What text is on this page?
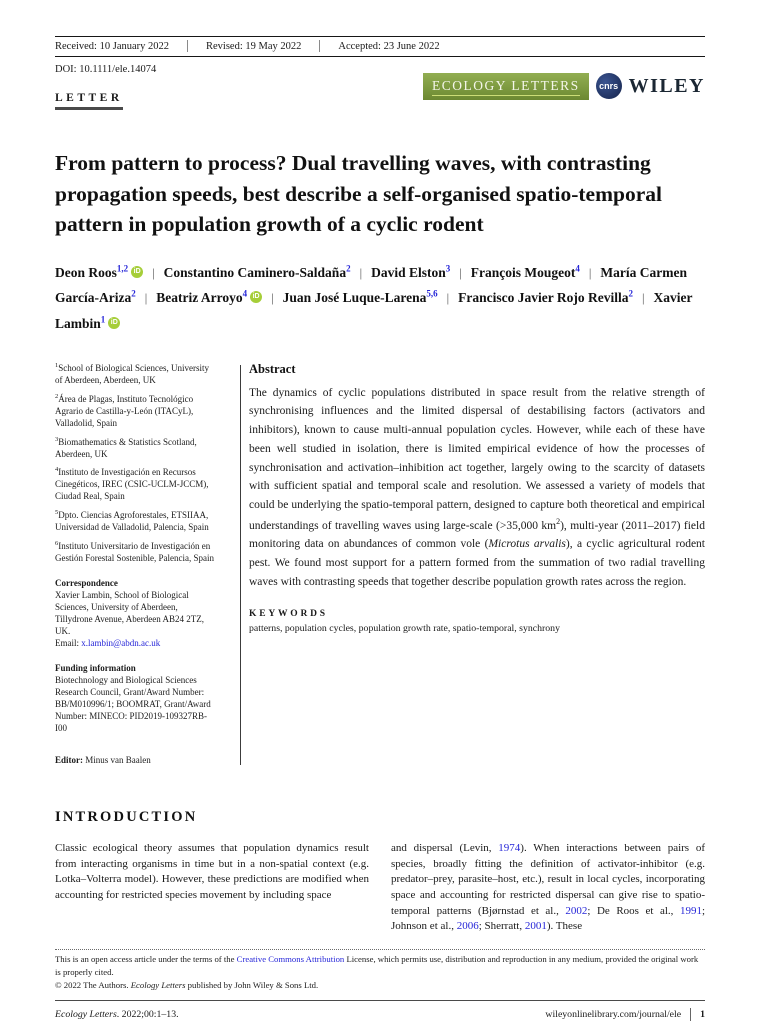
Received: 10 January 2022	Revised: 19 May 2022	Accepted: 23 June 2022
DOI: 10.1111/ele.14074
LETTER
ECOLOGY LETTERS	cnrs WILEY
From pattern to process? Dual travelling waves, with contrasting propagation speeds, best describe a self-organised spatio-temporal pattern in population growth of a cyclic rodent
Deon Roos$^{1,2}$ iD | Constantino Caminero-Saldaña$^2$ | David Elston$^3$ | François Mougeot$^4$ | María Carmen García-Ariza$^2$ | Beatriz Arroyo$^4$ iD | Juan José Luque-Larena$^{5,6}$ | Francisco Javier Rojo Revilla$^2$ | Xavier Lambin$^1$ iD
$^1$School of Biological Sciences, University of Aberdeen, Aberdeen, UK
$^2$Área de Plagas, Instituto Tecnológico Agrario de Castilla-y-León (ITACyL), Valladolid, Spain
$^3$Biomathematics & Statistics Scotland, Aberdeen, UK
$^4$Instituto de Investigación en Recursos Cinegéticos, IREC (CSIC-UCLM-JCCM), Ciudad Real, Spain
$^5$Dpto. Ciencias Agroforestales, ETSIIAA, Universidad de Valladolid, Palencia, Spain
$^6$Instituto Universitario de Investigación en Gestión Forestal Sostenible, Palencia, Spain
Correspondence
Xavier Lambin, School of Biological Sciences, University of Aberdeen, Tillydrone Avenue, Aberdeen AB24 2TZ, UK.
Email: x.lambin@abdn.ac.uk
Funding information
Biotechnology and Biological Sciences Research Council, Grant/Award Number: BB/M010996/1; BOOMRAT, Grant/Award Number: MINECO: PID2019-109327RB-I00
Editor: Minus van Baalen
Abstract

The dynamics of cyclic populations distributed in space result from the relative strength of synchronising influences and the limited dispersal of destabilising factors (activators and inhibitors), known to cause multi-annual population cycles. However, while each of these have been well studied in isolation, there is limited empirical evidence of how the processes of synchronisation and activation–inhibition act together, largely owing to the scarcity of datasets with sufficient spatial and temporal scale and resolution. We assessed a variety of models that could be underlying the spatio-temporal pattern, designed to capture both theoretical and empirical understandings of travelling waves using large-scale (>35,000 $km^2$), multi-year (2011–2017) field monitoring data on abundances of common vole (Microtus arvalis), a cyclic agricultural rodent pest. We found most support for a pattern formed from the summation of two radial travelling waves with contrasting speeds that together describe population growth rates across the region.

KEYWORDS
patterns, population cycles, population growth rate, spatio-temporal, synchrony
INTRODUCTION

Classic ecological theory assumes that population dynamics result from interacting organisms in time but in a non-spatial context (e.g. Lotka–Volterra model). However, these predictions are modified when accounting for restricted species movement by including space

and dispersal (Levin, 1974). When interactions between pairs of species, broadly fitting the definition of activator-inhibitor (e.g. predator–prey, parasite–host, etc.), result in local cycles, incorporating space and accounting for restricted dispersal can give rise to spatio-temporal patterns (Bjørnstad et al., 2002; De Roos et al., 1991; Johnson et al., 2006; Sherratt, 2001). These

This is an open access article under the terms of the Creative Commons Attribution License, which permits use, distribution and reproduction in any medium, provided the original work is properly cited.
© 2022 The Authors. Ecology Letters published by John Wiley & Sons Ltd.
Ecology Letters. 2022;00:1–13.	wileyonlinelibrary.com/journal/ele 1
